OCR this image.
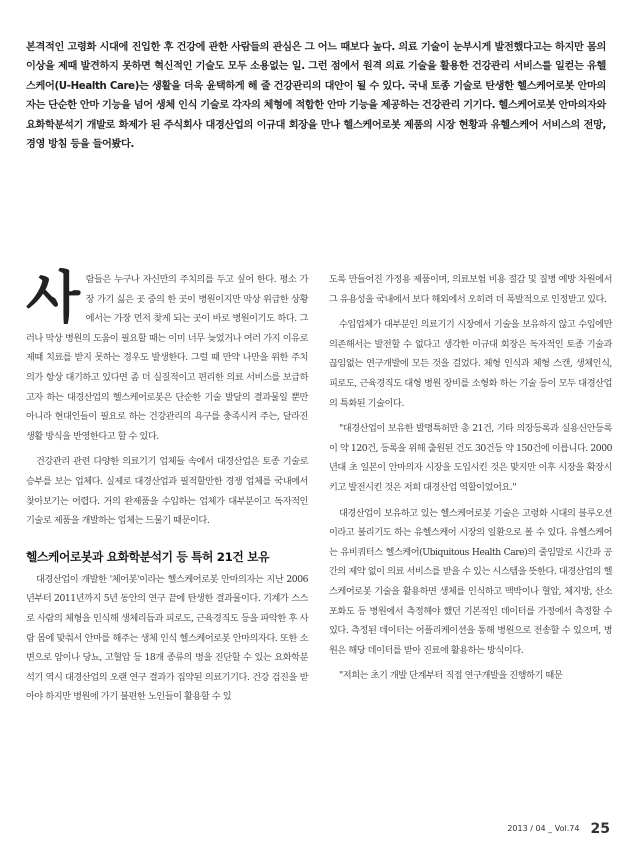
본격적인 고령화 시대에 진입한 후 건강에 관한 사람들의 관심은 그 어느 때보다 높다. 의료 기술이 눈부시게 발전했다고는 하지만 몸의 이상을 제때 발견하지 못하면 혁신적인 기술도 모두 소용없는 일. 그런 점에서 원격 의료 기술을 활용한 건강관리 서비스를 일컫는 유헬스케어(U-Health Care)는 생활을 더욱 윤택하게 해 줄 건강관리의 대안이 될 수 있다. 국내 토종 기술로 탄생한 헬스케어로봇 안마의자는 단순한 안마 기능을 넘어 생체 인식 기술로 각자의 체형에 적합한 안마 기능을 제공하는 건강관리 기기다. 헬스케어로봇 안마의자와 요화학분석기 개발로 화제가 된 주식회사 대경산업의 이규대 회장을 만나 헬스케어로봇 제품의 시장 현황과 유헬스케어 서비스의 전망, 경영 방침 등을 들어봤다.

사람들은 누구나 자신만의 주치의를 두고 싶어 한다. 평소 가장 가기 싫은 곳 중의 한 곳이 병원이지만 막상 위급한 상황에서는 가장 먼저 찾게 되는 곳이 바로 병원이기도 하다. 그러나 막상 병원의 도움이 필요할 때는 이미 너무 늦었거나 여러 가지 이유로 제때 치료를 받지 못하는 경우도 발생한다. 그럴 때 만약 나만을 위한 주치의가 항상 대기하고 있다면 좀 더 실질적이고 편리한 의료 서비스를 보급하고자 하는 대경산업의 헬스케어로봇은 단순한 기술 발달의 결과물일 뿐만 아니라 현대인들이 필요로 하는 건강관리의 욕구를 충족시켜 주는, 달라진 생활 방식을 반영한다고 할 수 있다.

건강관리 관련 다양한 의료기기 업체들 속에서 대경산업은 토종 기술로 승부를 보는 업체다. 실제로 대경산업과 필적할만한 경쟁 업체를 국내에서 찾아보기는 어렵다. 거의 완제품을 수입하는 업체가 대부분이고 독자적인 기술로 제품을 개발하는 업체는 드물기 때문이다.

헬스케어로봇과 요화학분석기 등 특허 21건 보유

대경산업이 개발한 '체어봇'이라는 헬스케어로봇 안마의자는 지난 2006년부터 2011년까지 5년 동안의 연구 끝에 탄생한 결과물이다. 기계가 스스로 사람의 체형을 인식해 생체리듬과 피로도, 근육경직도 등을 파악한 후 사람 몸에 맞춰서 안마를 해주는 생체 인식 헬스케어로봇 안마의자다. 또한 소변으로 암이나 당뇨, 고혈압 등 18개 종류의 병을 진단할 수 있는 요화학분석기 역시 대경산업의 오랜 연구 결과가 집약된 의료기기다. 건강 검진을 받아야 하지만 병원에 가기 불편한 노인들이 활용할 수 있

도록 만들어진 가정용 제품이며, 의료보험 비용 절감 및 질병 예방 차원에서 그 유용성을 국내에서 보다 해외에서 오히려 더 폭발적으로 인정받고 있다.

수입업체가 대부분인 의료기기 시장에서 기술을 보유하지 않고 수입에만 의존해서는 발전할 수 없다고 생각한 이규대 회장은 독자적인 토종 기술과 끊임없는 연구개발에 모든 것을 걸었다. 체형 인식과 체형 스캔, 생체인식, 피로도, 근육경직도 대형 병원 장비를 소형화 하는 기술 등이 모두 대경산업의 특화된 기술이다.

"대경산업이 보유한 발명특허만 총 21건, 기타 의장등록과 실용신안등록이 약 120건, 등록을 위해 출원된 건도 30건등 약 150건에 이릅니다. 2000년대 초 일본이 안마의자 시장을 도입시킨 것은 맞지만 이후 시장을 확장시키고 발전시킨 것은 저희 대경산업 역할이었어요."

대경산업이 보유하고 있는 헬스케어로봇 기술은 고령화 시대의 블루오션이라고 불리기도 하는 유헬스케어 시장의 일환으로 볼 수 있다. 유헬스케어는 유비쿼터스 헬스케어(Ubiquitous Health Care)의 줄임말로 시간과 공간의 제약 없이 의료 서비스를 받을 수 있는 시스템을 뜻한다. 대경산업의 헬스케어로봇 기술을 활용하면 생체를 인식하고 맥박이나 혈압, 체지방, 산소포화도 등 병원에서 측정해야 했던 기본적인 데이터를 가정에서 측정할 수 있다. 측정된 데이터는 어플리케이션을 통해 병원으로 전송할 수 있으며, 병원은 해당 데이터를 받아 진료에 활용하는 방식이다.

"저희는 초기 개발 단계부터 직접 연구개발을 진행하기 때문

2013 / 04 _ Vol.74 25
